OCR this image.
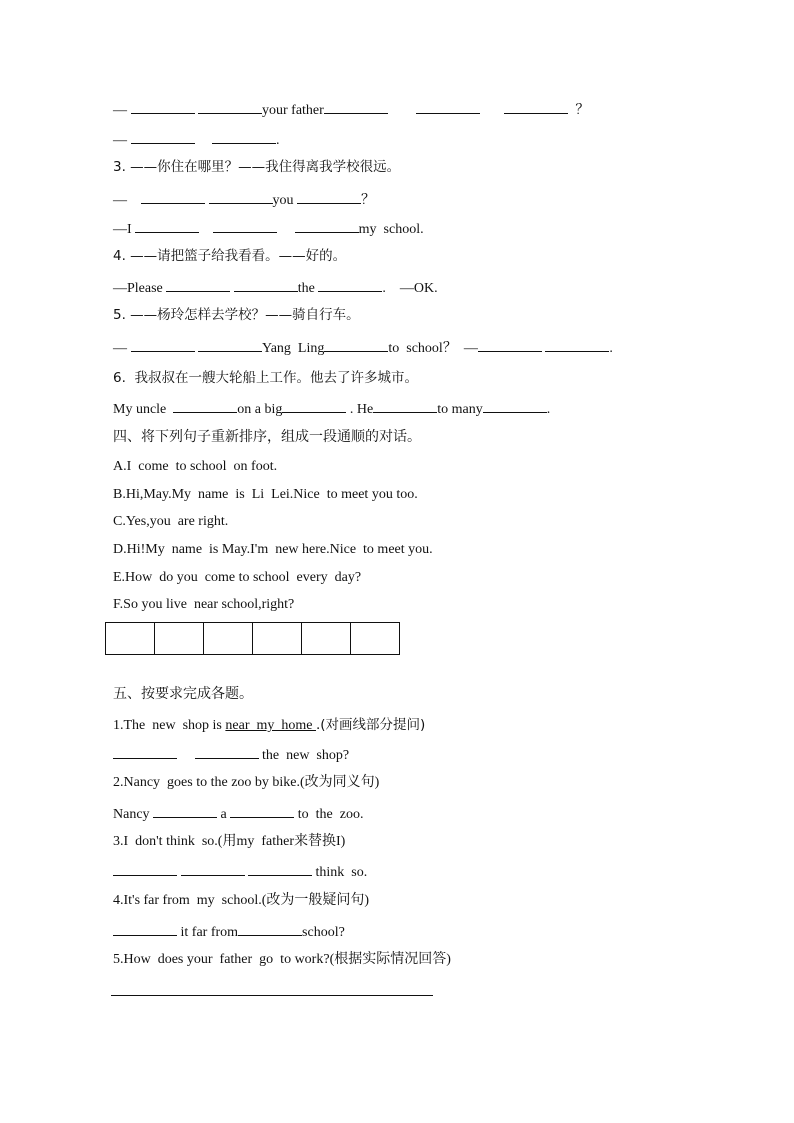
—	your father	？
—	.
3. ——你住在哪里？——我住得离我学校很远。
—	you	？
—I	my  school.
4. ——请把篮子给我看看。——好的。
—Please	the	. —OK.
5. ——杨玲怎样去学校？——骑自行车。
—	Yang  Ling	to  school？ —	.
6.  我叔叔在一艘大轮船上工作。他去了许多城市。
My uncle	on a big	. He	to many	.
四、将下列句子重新排序，组成一段通顺的对话。
A.I  come  to school  on foot.
B.Hi,May.My  name  is  Li  Lei.Nice  to meet you too.
C.Yes,you  are right.
D.Hi!My  name  is May.I'm  new here.Nice  to meet you.
E.How  do you  come to school  every  day?
F.So you live  near school,right?
五、按要求完成各题。
1.The  new  shop is near  my  home .(对画线部分提问)
the  new  shop?
2.Nancy  goes to the zoo by bike.(改为同义句)
Nancy	a	to  the  zoo.
3.I  don't think  so.(用my  father来替换I)
think  so.
4.It's far from  my  school.(改为一般疑问句)
it far from	school?
5.How  does your  father  go  to work?(根据实际情况回答)
